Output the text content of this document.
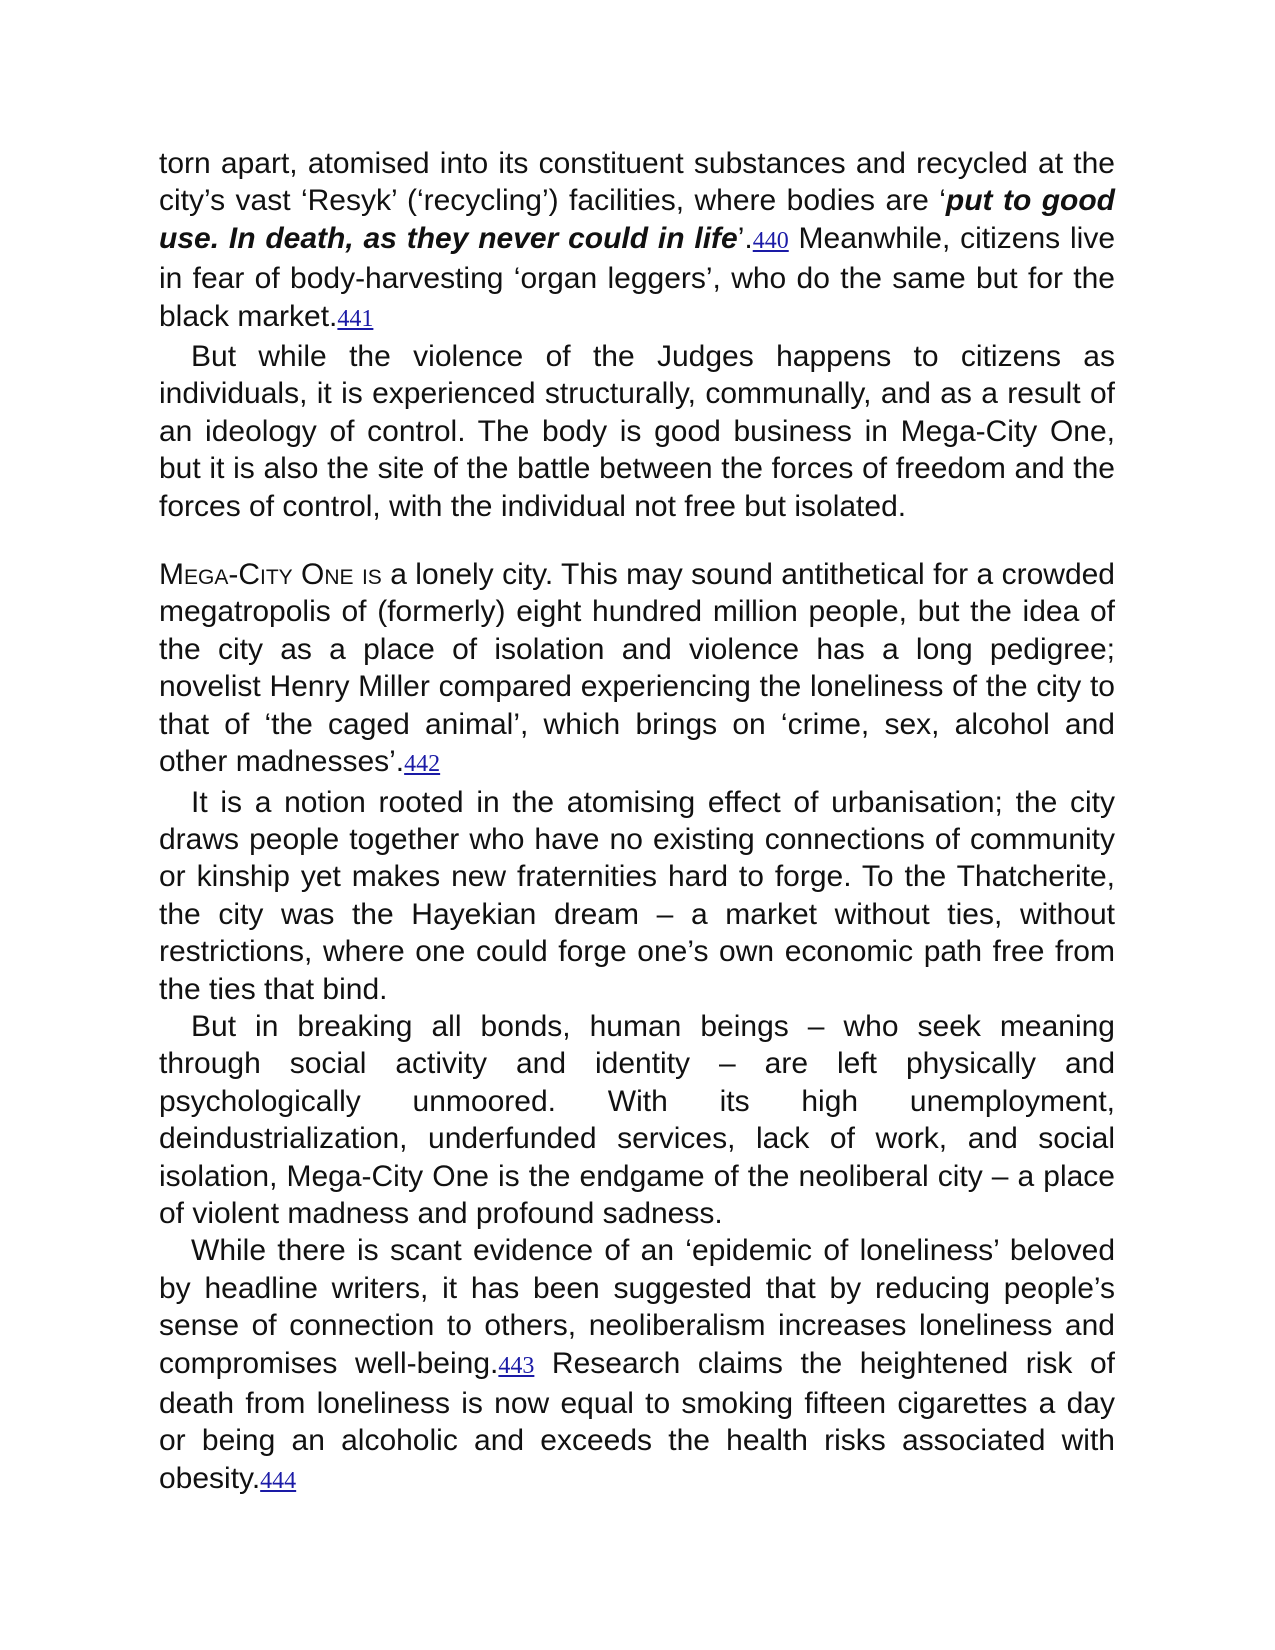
torn apart, atomised into its constituent substances and recycled at the city’s vast ‘Resyk’ (‘recycling’) facilities, where bodies are ‘put to good use. In death, as they never could in life’.440 Meanwhile, citizens live in fear of body-harvesting ‘organ leggers’, who do the same but for the black market.441

But while the violence of the Judges happens to citizens as individuals, it is experienced structurally, communally, and as a result of an ideology of control. The body is good business in Mega-City One, but it is also the site of the battle between the forces of freedom and the forces of control, with the individual not free but isolated.

Mega-City One is a lonely city. This may sound antithetical for a crowded megatropolis of (formerly) eight hundred million people, but the idea of the city as a place of isolation and violence has a long pedigree; novelist Henry Miller compared experiencing the loneliness of the city to that of ‘the caged animal’, which brings on ‘crime, sex, alcohol and other madnesses’.442

It is a notion rooted in the atomising effect of urbanisation; the city draws people together who have no existing connections of community or kinship yet makes new fraternities hard to forge. To the Thatcherite, the city was the Hayekian dream – a market without ties, without restrictions, where one could forge one’s own economic path free from the ties that bind.

But in breaking all bonds, human beings – who seek meaning through social activity and identity – are left physically and psychologically unmoored. With its high unemployment, deindustrialization, underfunded services, lack of work, and social isolation, Mega-City One is the endgame of the neoliberal city – a place of violent madness and profound sadness.

While there is scant evidence of an ‘epidemic of loneliness’ beloved by headline writers, it has been suggested that by reducing people’s sense of connection to others, neoliberalism increases loneliness and compromises well-being.443 Research claims the heightened risk of death from loneliness is now equal to smoking fifteen cigarettes a day or being an alcoholic and exceeds the health risks associated with obesity.444
